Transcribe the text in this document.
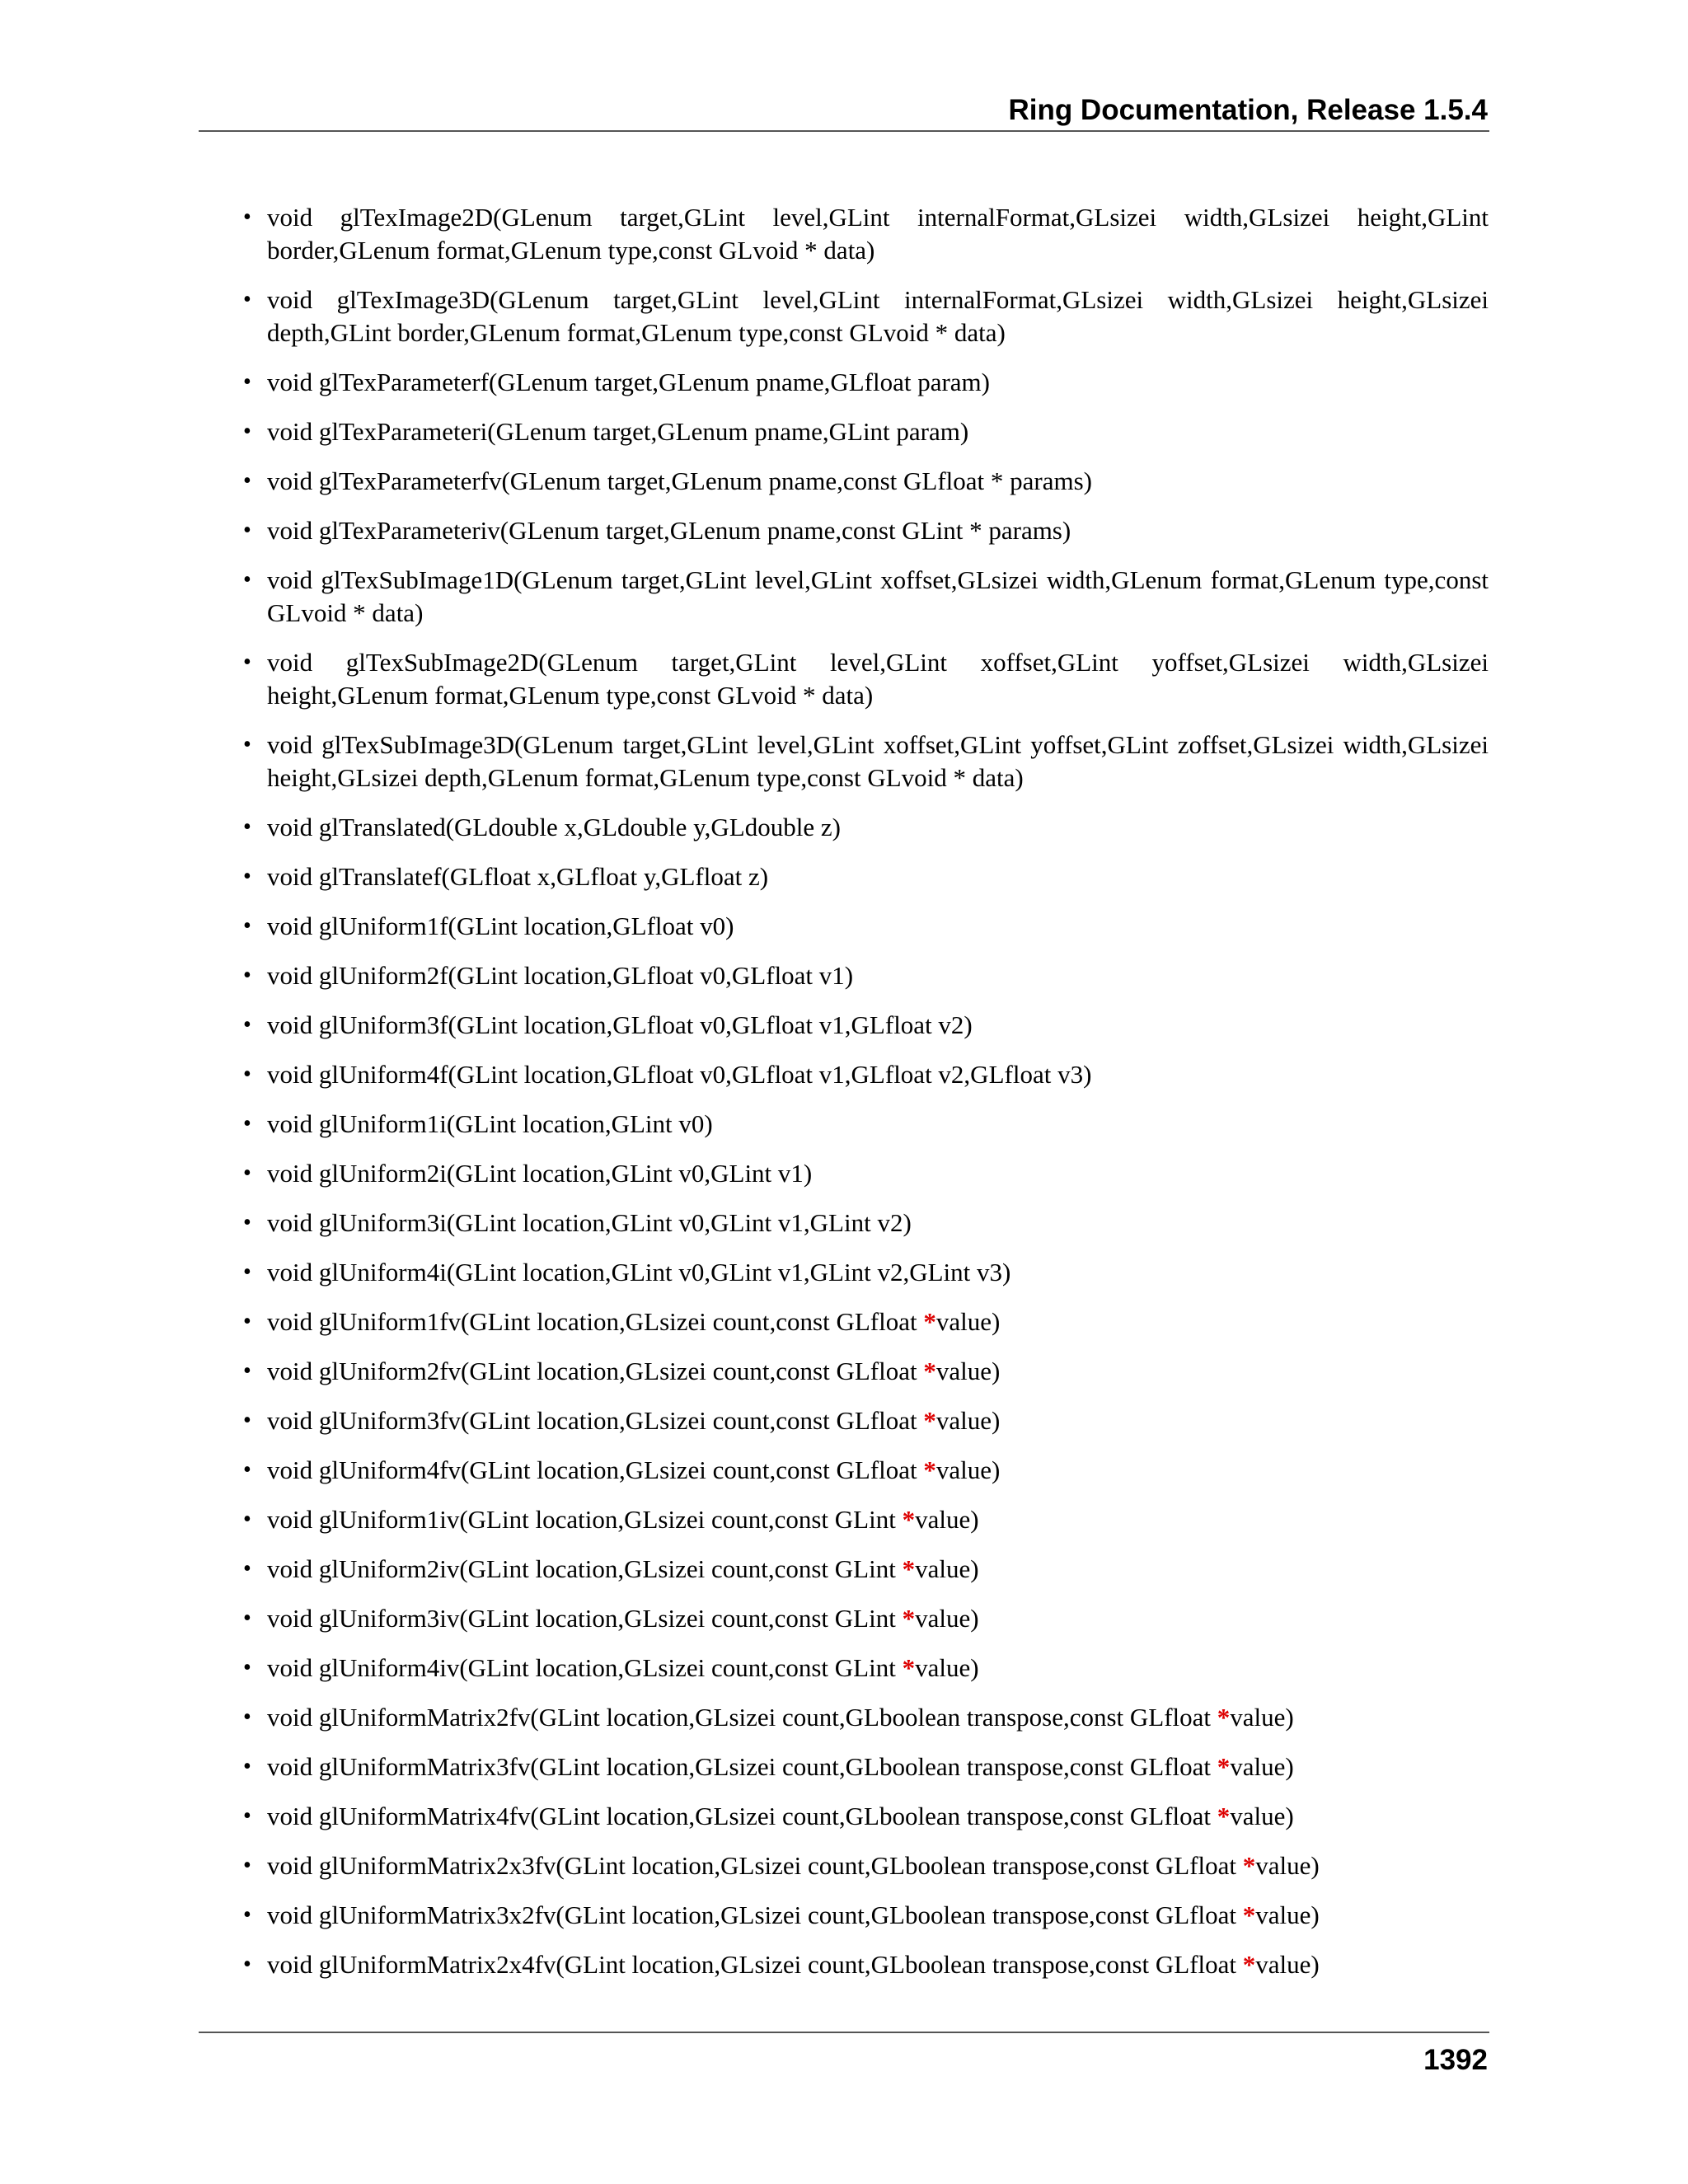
Ring Documentation, Release 1.5.4
• void glTexImage2D(GLenum target,GLint level,GLint internalFormat,GLsizei width,GLsizei height,GLint border,GLenum format,GLenum type,const GLvoid * data)
• void glTexImage3D(GLenum target,GLint level,GLint internalFormat,GLsizei width,GLsizei height,GLsizei depth,GLint border,GLenum format,GLenum type,const GLvoid * data)
• void glTexParameterf(GLenum target,GLenum pname,GLfloat param)
• void glTexParameteri(GLenum target,GLenum pname,GLint param)
• void glTexParameterfv(GLenum target,GLenum pname,const GLfloat * params)
• void glTexParameteriv(GLenum target,GLenum pname,const GLint * params)
• void glTexSubImage1D(GLenum target,GLint level,GLint xoffset,GLsizei width,GLenum format,GLenum type,const GLvoid * data)
• void glTexSubImage2D(GLenum target,GLint level,GLint xoffset,GLint yoffset,GLsizei width,GLsizei height,GLenum format,GLenum type,const GLvoid * data)
• void glTexSubImage3D(GLenum target,GLint level,GLint xoffset,GLint yoffset,GLint zoffset,GLsizei width,GLsizei height,GLsizei depth,GLenum format,GLenum type,const GLvoid * data)
• void glTranslated(GLdouble x,GLdouble y,GLdouble z)
• void glTranslatef(GLfloat x,GLfloat y,GLfloat z)
• void glUniform1f(GLint location,GLfloat v0)
• void glUniform2f(GLint location,GLfloat v0,GLfloat v1)
• void glUniform3f(GLint location,GLfloat v0,GLfloat v1,GLfloat v2)
• void glUniform4f(GLint location,GLfloat v0,GLfloat v1,GLfloat v2,GLfloat v3)
• void glUniform1i(GLint location,GLint v0)
• void glUniform2i(GLint location,GLint v0,GLint v1)
• void glUniform3i(GLint location,GLint v0,GLint v1,GLint v2)
• void glUniform4i(GLint location,GLint v0,GLint v1,GLint v2,GLint v3)
• void glUniform1fv(GLint location,GLsizei count,const GLfloat *value)
• void glUniform2fv(GLint location,GLsizei count,const GLfloat *value)
• void glUniform3fv(GLint location,GLsizei count,const GLfloat *value)
• void glUniform4fv(GLint location,GLsizei count,const GLfloat *value)
• void glUniform1iv(GLint location,GLsizei count,const GLint *value)
• void glUniform2iv(GLint location,GLsizei count,const GLint *value)
• void glUniform3iv(GLint location,GLsizei count,const GLint *value)
• void glUniform4iv(GLint location,GLsizei count,const GLint *value)
• void glUniformMatrix2fv(GLint location,GLsizei count,GLboolean transpose,const GLfloat *value)
• void glUniformMatrix3fv(GLint location,GLsizei count,GLboolean transpose,const GLfloat *value)
• void glUniformMatrix4fv(GLint location,GLsizei count,GLboolean transpose,const GLfloat *value)
• void glUniformMatrix2x3fv(GLint location,GLsizei count,GLboolean transpose,const GLfloat *value)
• void glUniformMatrix3x2fv(GLint location,GLsizei count,GLboolean transpose,const GLfloat *value)
• void glUniformMatrix2x4fv(GLint location,GLsizei count,GLboolean transpose,const GLfloat *value)
1392
